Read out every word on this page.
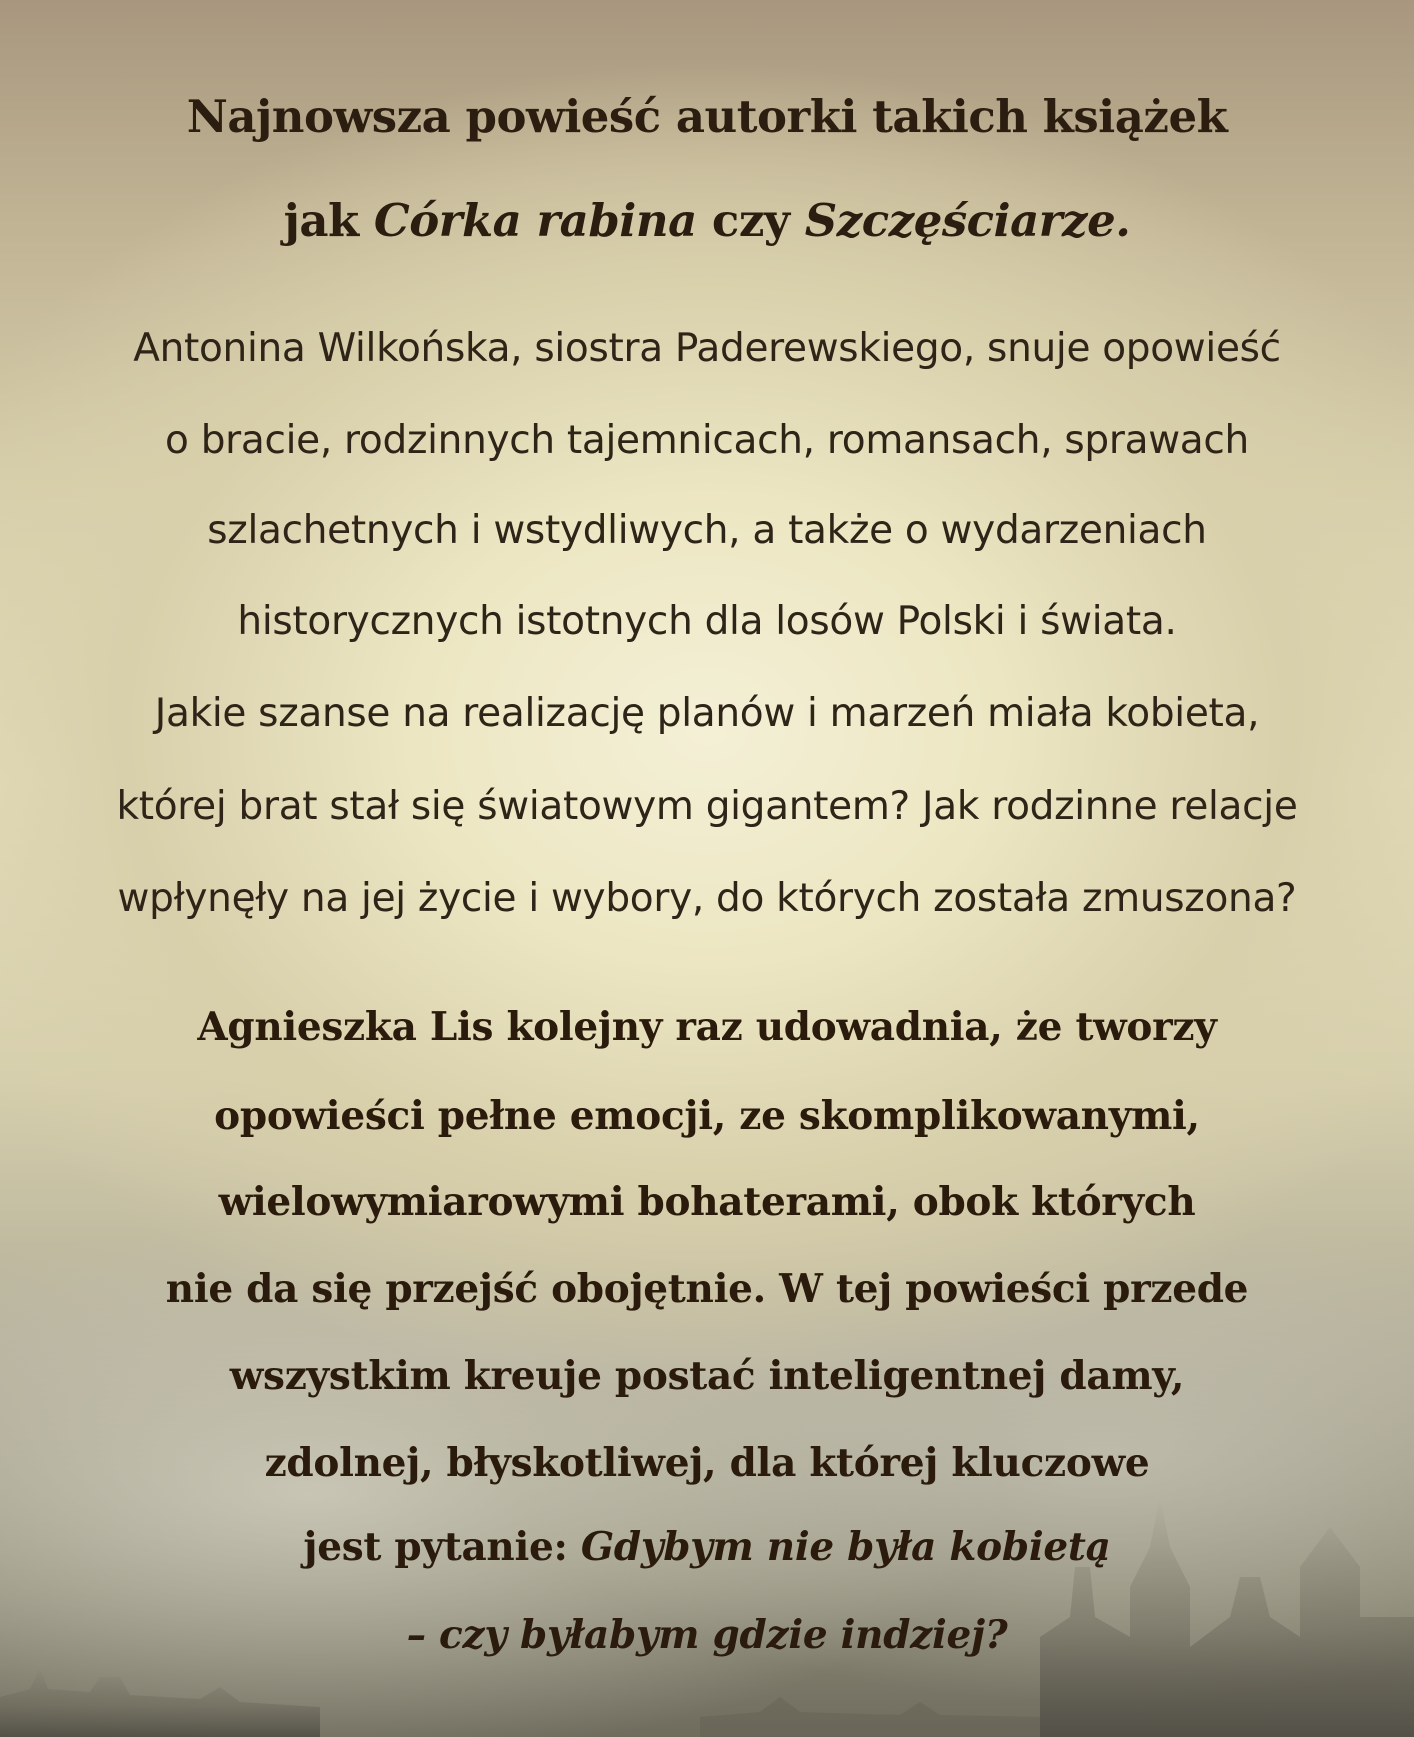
Najnowsza powieść autorki takich książek
jak Córka rabina czy Szczęściarze.
Antonina Wilkońska, siostra Paderewskiego, snuje opowieść
o bracie, rodzinnych tajemnicach, romansach, sprawach
szlachetnych i wstydliwych, a także o wydarzeniach
historycznych istotnych dla losów Polski i świata.
Jakie szanse na realizację planów i marzeń miała kobieta,
której brat stał się światowym gigantem? Jak rodzinne relacje
wpłynęły na jej życie i wybory, do których została zmuszona?
Agnieszka Lis kolejny raz udowadnia, że tworzy
opowieści pełne emocji, ze skomplikowanymi,
wielowymiarowymi bohaterami, obok których
nie da się przejść obojętnie. W tej powieści przede
wszystkim kreuje postać inteligentnej damy,
zdolnej, błyskotliwej, dla której kluczowe
jest pytanie: Gdybym nie była kobietą
– czy byłabym gdzie indziej?
